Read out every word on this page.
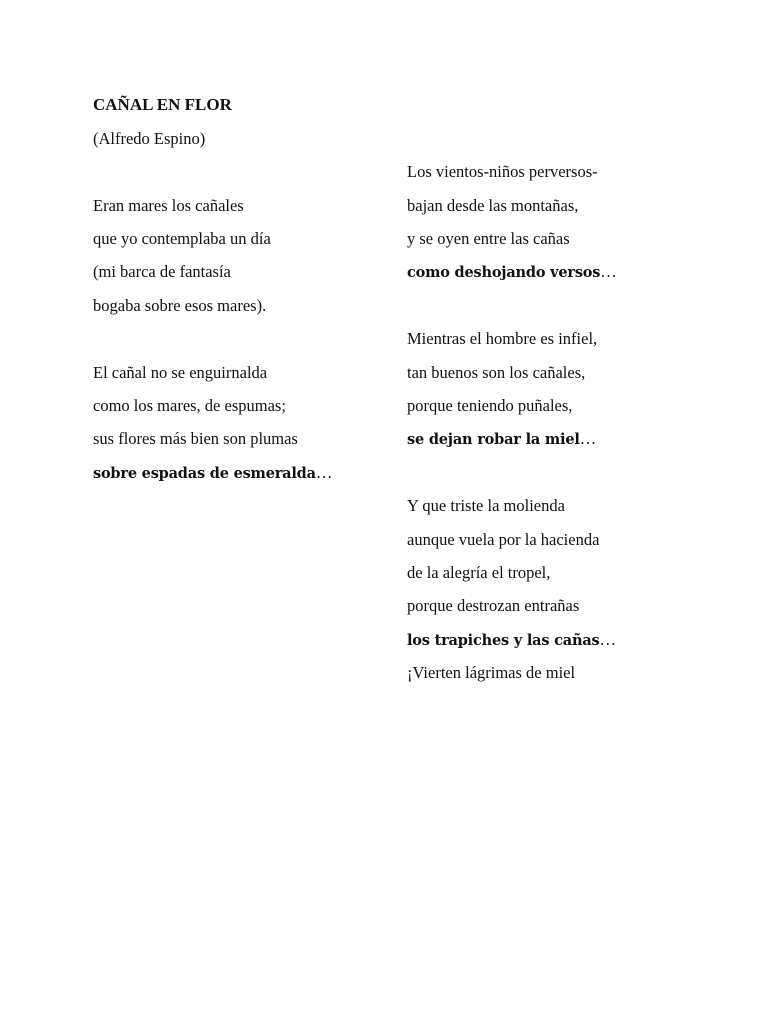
CAÑAL EN FLOR
(Alfredo Espino)
Eran mares los cañales
que yo contemplaba un día
(mi barca de fantasía
bogaba sobre esos mares).
El cañal no se enguirnalda
como los mares, de espumas;
sus flores más bien son plumas
sobre espadas de esmeralda…
Los vientos-niños perversos-
bajan desde las montañas,
y se oyen entre las cañas
como deshojando versos…
Mientras el hombre es infiel,
tan buenos son los cañales,
porque teniendo puñales,
se dejan robar la miel…
Y que triste la molienda
aunque vuela por la hacienda
de la alegría el tropel,
porque destrozan entrañas
los trapiches y las cañas…
¡Vierten lágrimas de miel
